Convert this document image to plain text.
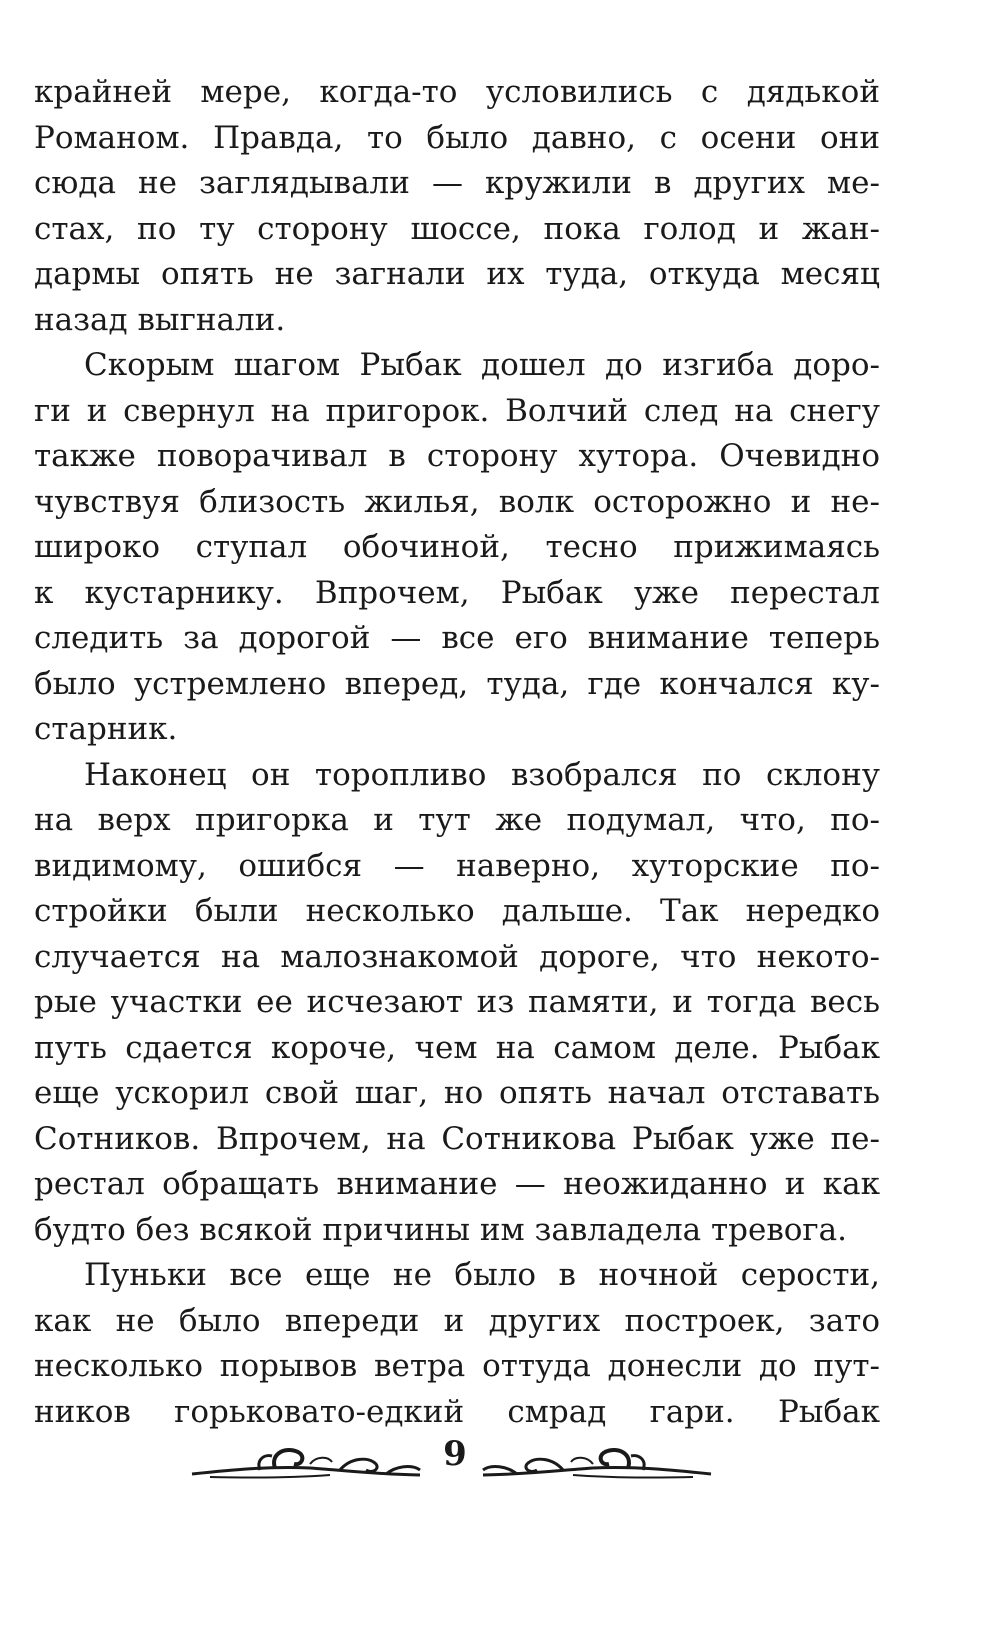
крайней мере, когда-то условились с дядькой
Романом. Правда, то было давно, с осени они
сюда не заглядывали — кружили в других ме-
стах, по ту сторону шоссе, пока голод и жан-
дармы опять не загнали их туда, откуда месяц
назад выгнали.
Скорым шагом Рыбак дошел до изгиба доро-
ги и свернул на пригорок. Волчий след на снегу
также поворачивал в сторону хутора. Очевидно
чувствуя близость жилья, волк осторожно и не-
широко ступал обочиной, тесно прижимаясь
к кустарнику. Впрочем, Рыбак уже перестал
следить за дорогой — все его внимание теперь
было устремлено вперед, туда, где кончался ку-
старник.
Наконец он торопливо взобрался по склону
на верх пригорка и тут же подумал, что, по-
видимому, ошибся — наверно, хуторские по-
стройки были несколько дальше. Так нередко
случается на малознакомой дороге, что некото-
рые участки ее исчезают из памяти, и тогда весь
путь сдается короче, чем на самом деле. Рыбак
еще ускорил свой шаг, но опять начал отставать
Сотников. Впрочем, на Сотникова Рыбак уже пе-
рестал обращать внимание — неожиданно и как
будто без всякой причины им завладела тревога.
Пуньки все еще не было в ночной серости,
как не было впереди и других построек, зато
несколько порывов ветра оттуда донесли до пут-
ников горьковато-едкий смрад гари. Рыбак
9
